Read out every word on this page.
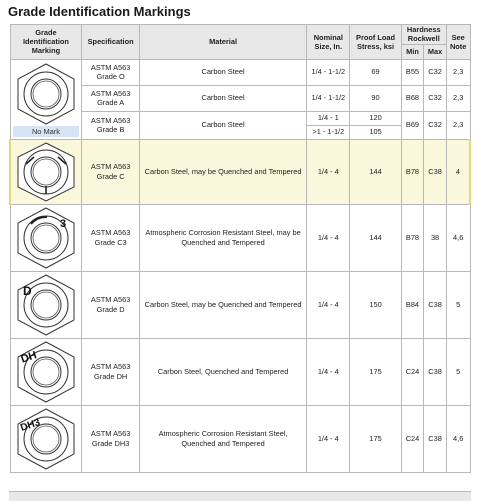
Grade Identification Markings
Grade Identification Marking	Specification	Material	Nominal Size, In.	Proof Load Stress, ksi	Hardness Rockwell		See Note
					Min	Max	

No Mark	ASTM A563 Grade O	Carbon Steel	1/4 - 1-1/2	69	B55	C32	2,3
	ASTM A563 Grade A	Carbon Steel	1/4 - 1-1/2	90	B68	C32	2,3
	ASTM A563 Grade B	Carbon Steel	1/4 - 1	120	B69	C32	2,3
			>1 - 1-1/2	105			

	ASTM A563 Grade C	Carbon Steel, may be Quenched and Tempered	1/4 - 4	144	B78	C38	4

3	ASTM A563 Grade C3	Atmospheric Corrosion Resistant Steel, may be Quenched and Tempered	1/4 - 4	144	B78	38	4,6

D	ASTM A563 Grade D	Carbon Steel, may be Quenched and Tempered	1/4 - 4	150	B84	C38	5

DH	ASTM A563 Grade DH	Carbon Steel, Quenched and Tempered	1/4 - 4	175	C24	C38	5

DH3	ASTM A563 Grade DH3	Atmospheric Corrosion Resistant Steel, Quenched and Tempered	1/4 - 4	175	C24	C38	4,6
